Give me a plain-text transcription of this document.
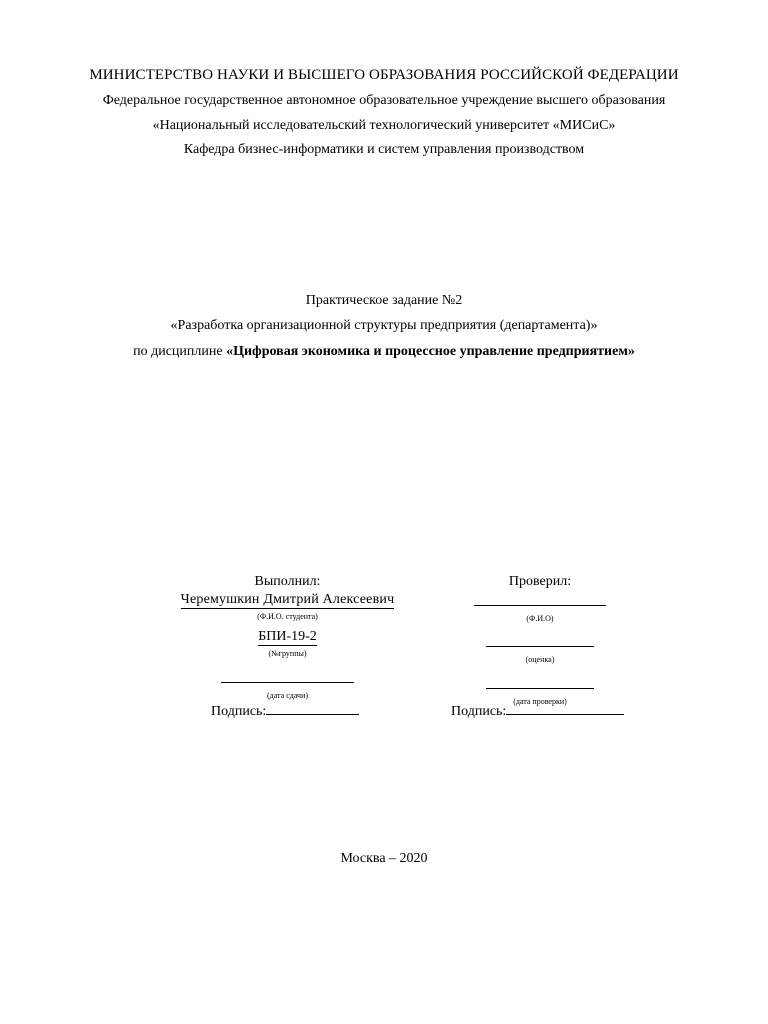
МИНИСТЕРСТВО НАУКИ И ВЫСШЕГО ОБРАЗОВАНИЯ РОССИЙСКОЙ ФЕДЕРАЦИИ
Федеральное государственное автономное образовательное учреждение высшего образования
«Национальный исследовательский технологический университет «МИСиС»
Кафедра бизнес-информатики и систем управления производством
Практическое задание №2
«Разработка организационной структуры предприятия (департамента)»
по дисциплине «Цифровая экономика и процессное управление предприятием»
Выполнил:
Черемушкин Дмитрий Алексеевич
(Ф.И.О. студента)
БПИ-19-2
(№группы)
(дата сдачи)
Проверил:
(Ф.И.О)
(оценка)
(дата проверки)
Подпись:	Подпись:
Москва – 2020
